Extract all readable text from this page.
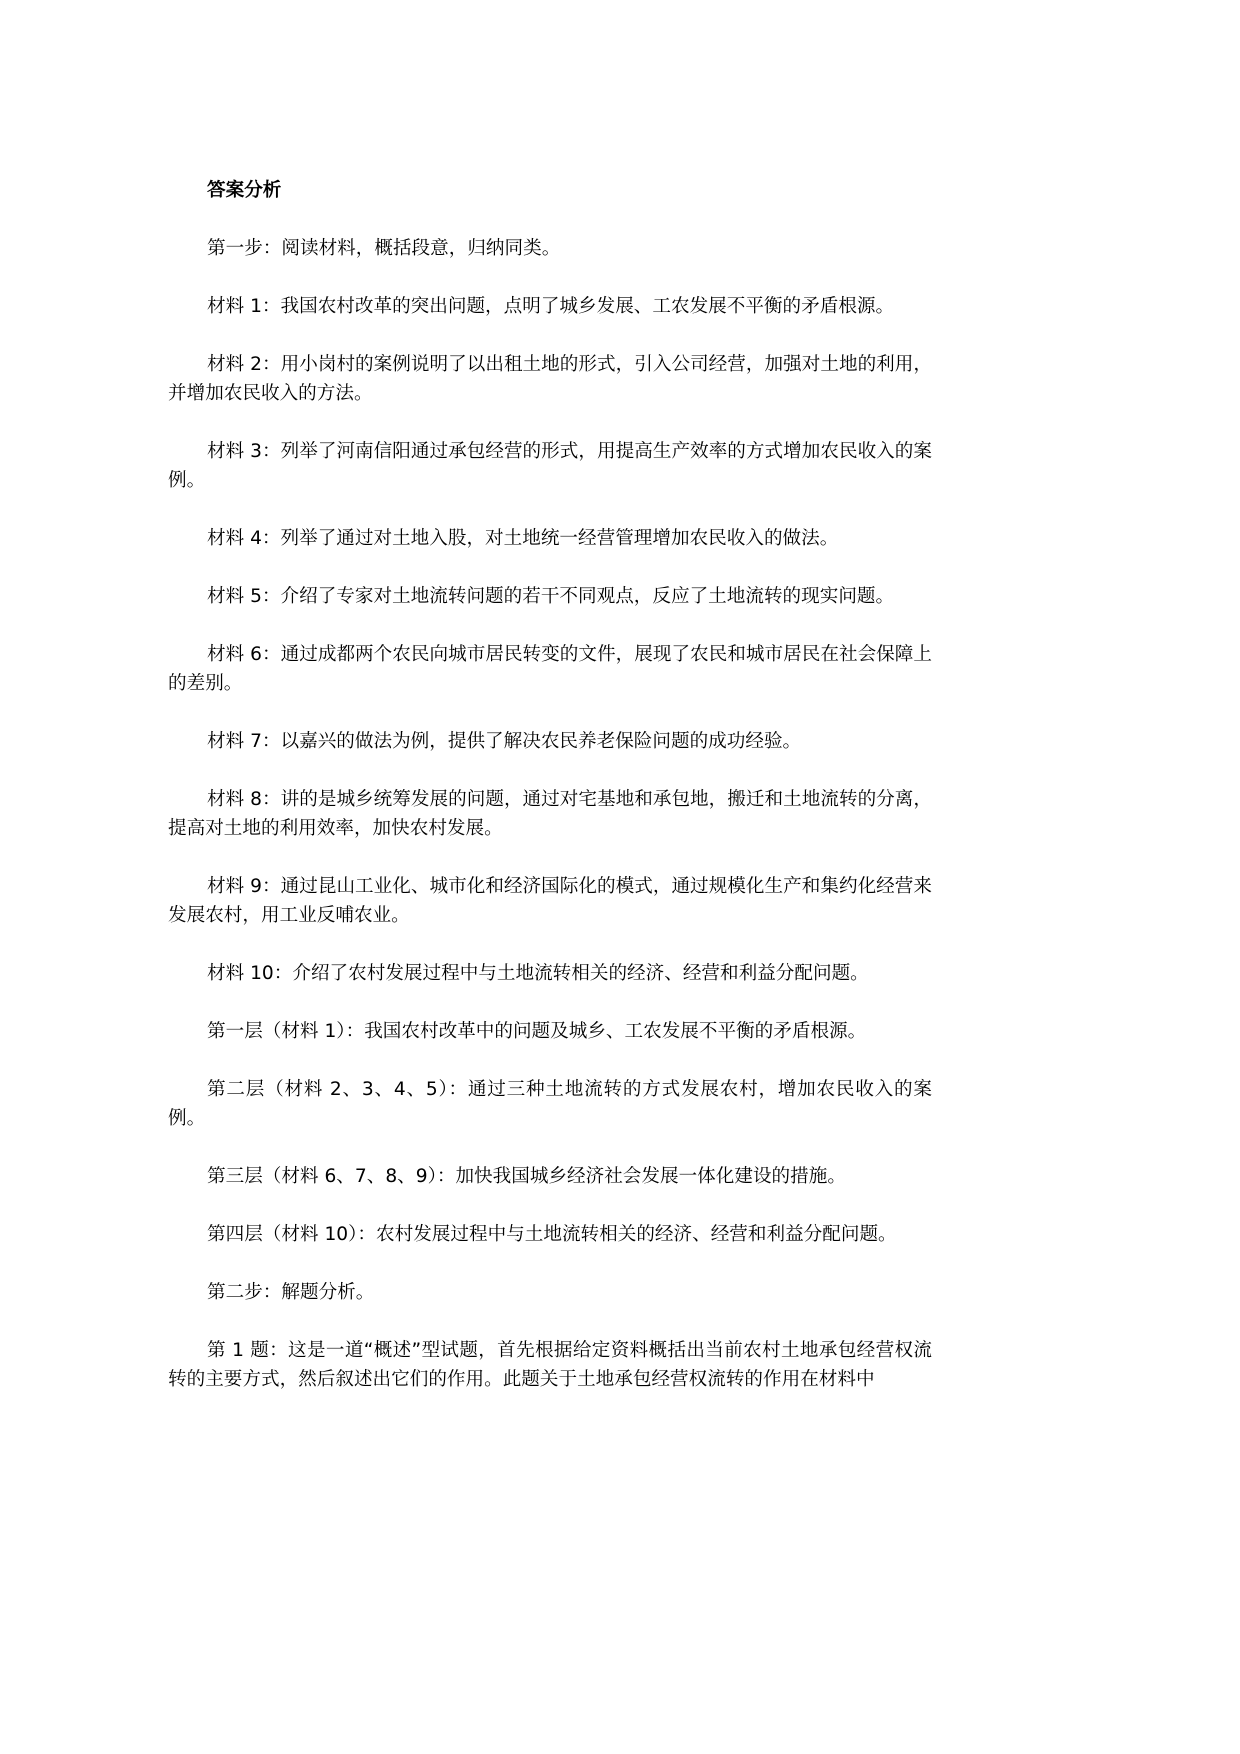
答案分析

第一步：阅读材料，概括段意，归纳同类。

材料 1：我国农村改革的突出问题，点明了城乡发展、工农发展不平衡的矛盾根源。

材料 2：用小岗村的案例说明了以出租土地的形式，引入公司经营，加强对土地的利用，并增加农民收入的方法。

材料 3：列举了河南信阳通过承包经营的形式，用提高生产效率的方式增加农民收入的案例。

材料 4：列举了通过对土地入股，对土地统一经营管理增加农民收入的做法。

材料 5：介绍了专家对土地流转问题的若干不同观点，反应了土地流转的现实问题。

材料 6：通过成都两个农民向城市居民转变的文件，展现了农民和城市居民在社会保障上的差别。

材料 7：以嘉兴的做法为例，提供了解决农民养老保险问题的成功经验。

材料 8：讲的是城乡统筹发展的问题，通过对宅基地和承包地，搬迁和土地流转的分离，提高对土地的利用效率，加快农村发展。

材料 9：通过昆山工业化、城市化和经济国际化的模式，通过规模化生产和集约化经营来发展农村，用工业反哺农业。

材料 10：介绍了农村发展过程中与土地流转相关的经济、经营和利益分配问题。

第一层（材料 1）：我国农村改革中的问题及城乡、工农发展不平衡的矛盾根源。

第二层（材料 2、3、4、5）：通过三种土地流转的方式发展农村，增加农民收入的案例。

第三层（材料 6、7、8、9）：加快我国城乡经济社会发展一体化建设的措施。

第四层（材料 10）：农村发展过程中与土地流转相关的经济、经营和利益分配问题。

第二步：解题分析。

第 1 题：这是一道“概述”型试题，首先根据给定资料概括出当前农村土地承包经营权流转的主要方式，然后叙述出它们的作用。此题关于土地承包经营权流转的作用在材料中
